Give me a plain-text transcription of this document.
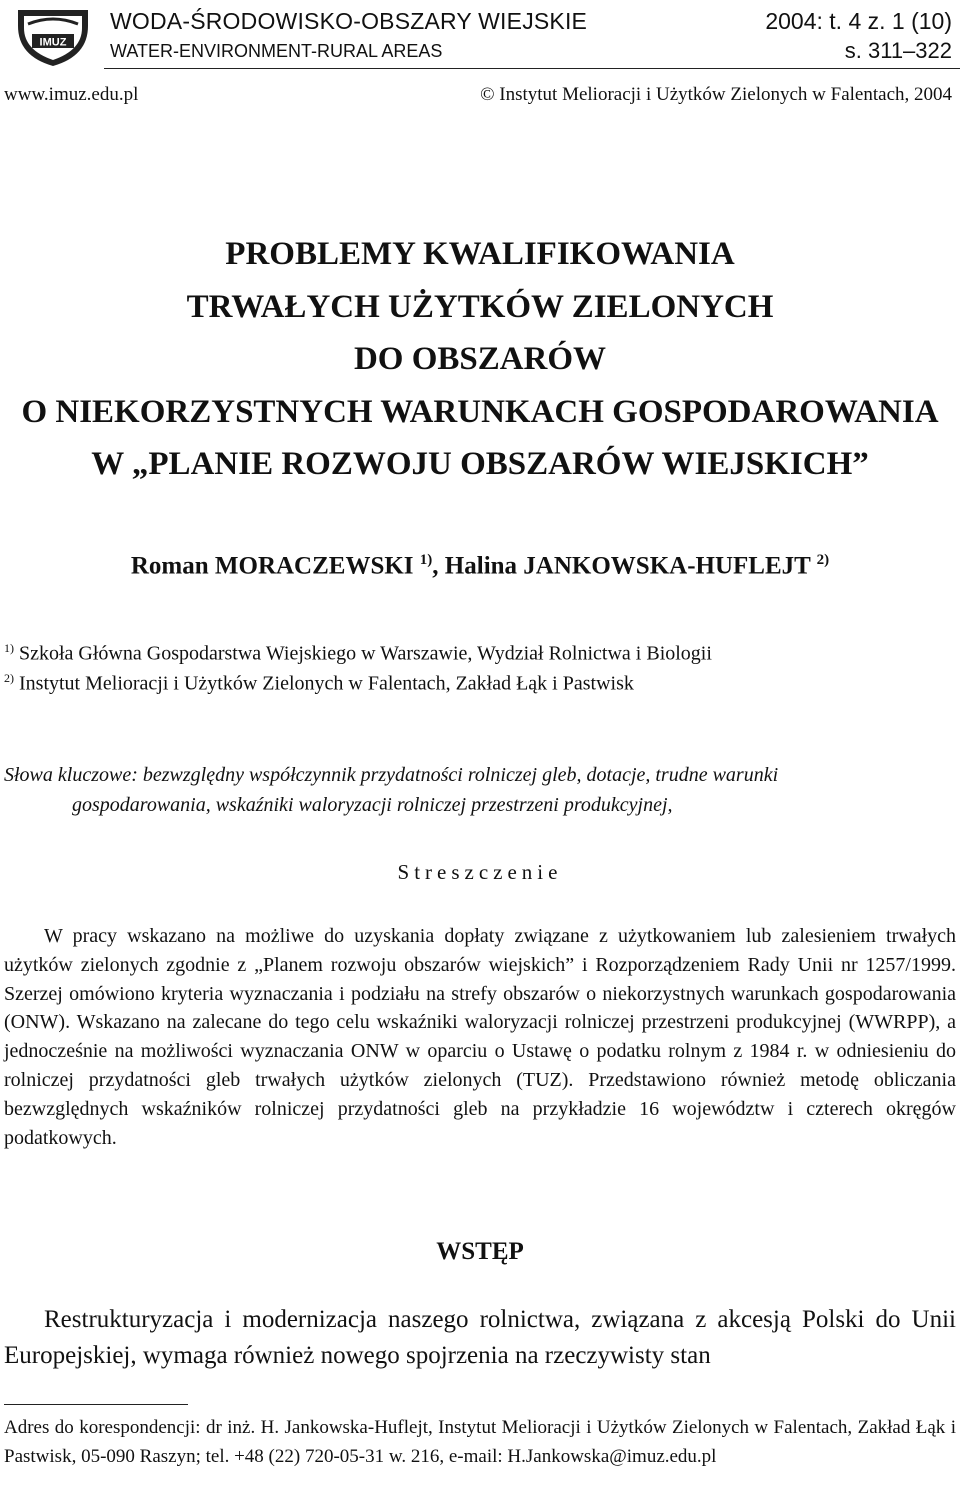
IMUZ
WODA-ŚRODOWISKO-OBSZARY WIEJSKIE
WATER-ENVIRONMENT-RURAL AREAS
2004: t. 4 z. 1 (10)
s. 311–322
www.imuz.edu.pl	© Instytut Melioracji i Użytków Zielonych w Falentach, 2004
PROBLEMY KWALIFIKOWANIA
TRWAŁYCH UŻYTKÓW ZIELONYCH
DO OBSZARÓW
O NIEKORZYSTNYCH WARUNKACH GOSPODAROWANIA
W „PLANIE ROZWOJU OBSZARÓW WIEJSKICH”
Roman MORACZEWSKI $^{1)}$, Halina JANKOWSKA-HUFLEJT $^{2)}$
$^{1)}$ Szkoła Główna Gospodarstwa Wiejskiego w Warszawie, Wydział Rolnictwa i Biologii
$^{2)}$ Instytut Melioracji i Użytków Zielonych w Falentach, Zakład Łąk i Pastwisk
Słowa kluczowe: bezwzględny współczynnik przydatności rolniczej gleb, dotacje, trudne warunki
gospodarowania, wskaźniki waloryzacji rolniczej przestrzeni produkcyjnej,
Streszczenie

W pracy wskazano na możliwe do uzyskania dopłaty związane z użytkowaniem lub zalesieniem trwałych użytków zielonych zgodnie z „Planem rozwoju obszarów wiejskich” i Rozporządzeniem Rady Unii nr 1257/1999. Szerzej omówiono kryteria wyznaczania i podziału na strefy obszarów o niekorzystnych warunkach gospodarowania (ONW). Wskazano na zalecane do tego celu wskaźniki waloryzacji rolniczej przestrzeni produkcyjnej (WWRPP), a jednocześnie na możliwości wyznaczania ONW w oparciu o Ustawę o podatku rolnym z 1984 r. w odniesieniu do rolniczej przydatności gleb trwałych użytków zielonych (TUZ). Przedstawiono również metodę obliczania bezwzględnych wskaźników rolniczej przydatności gleb na przykładzie 16 województw i czterech okręgów podatkowych.

WSTĘP

Restrukturyzacja i modernizacja naszego rolnictwa, związana z akcesją Polski do Unii Europejskiej, wymaga również nowego spojrzenia na rzeczywisty stan

Adres do korespondencji: dr inż. H. Jankowska-Huflejt, Instytut Melioracji i Użytków Zielonych w Falentach, Zakład Łąk i Pastwisk, 05-090 Raszyn; tel. +48 (22) 720-05-31 w. 216, e-mail: H.Jankowska@imuz.edu.pl
